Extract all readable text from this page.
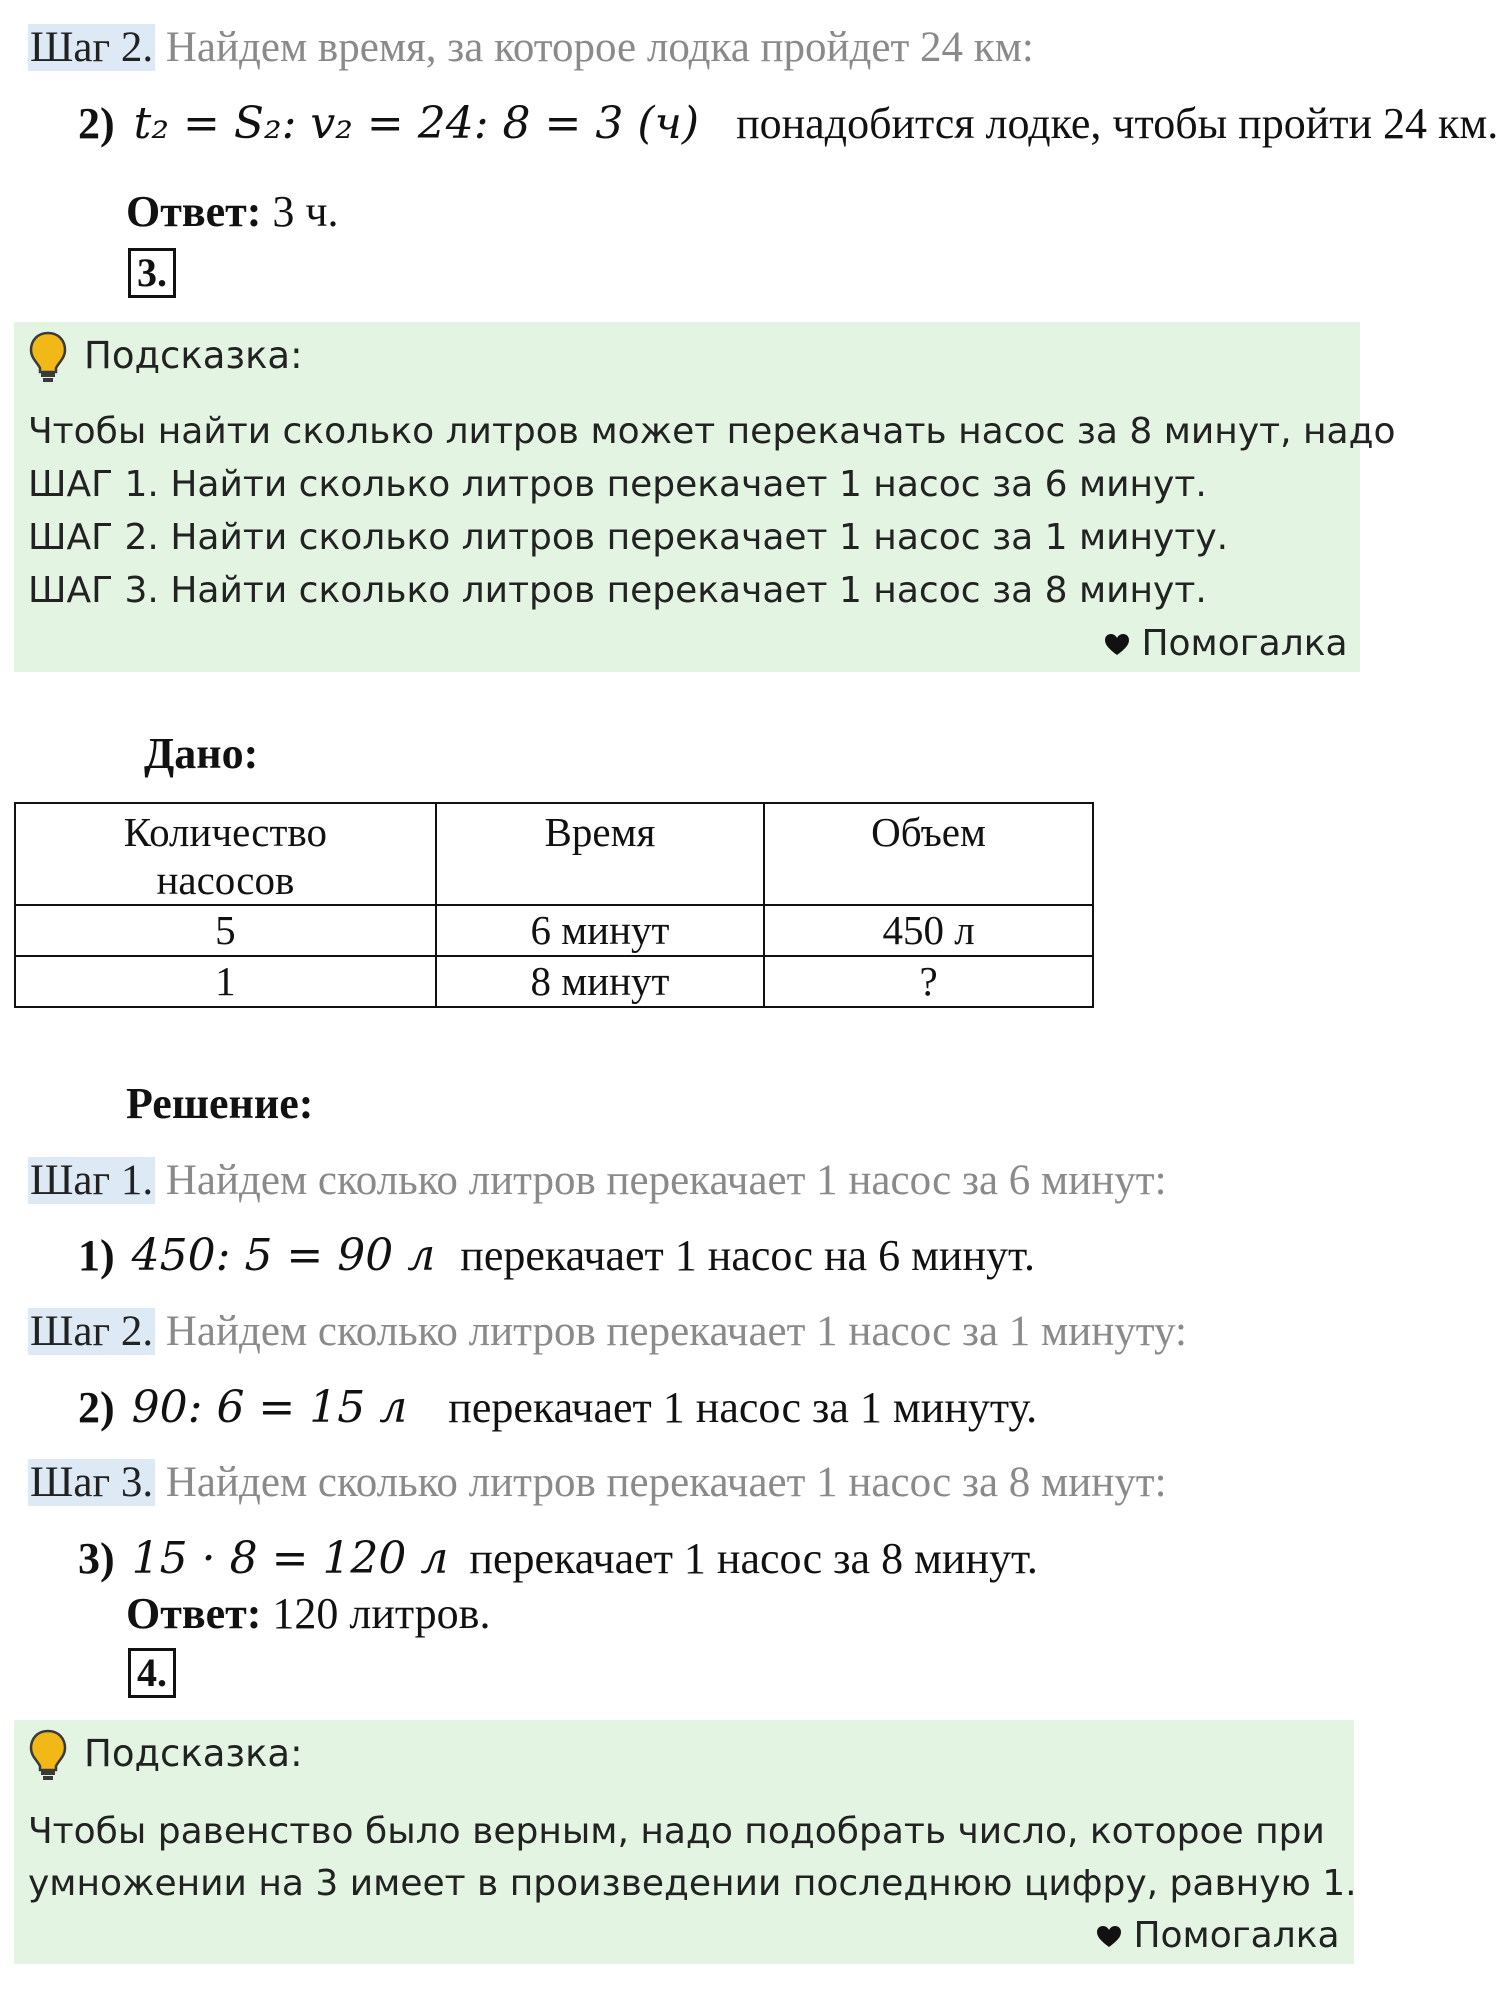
Шаг 2. Найдем время, за которое лодка пройдет 24 км:
2) t₂ = S₂: v₂ = 24: 8 = 3 (ч) понадобится лодке, чтобы пройти 24 км.
Ответ: 3 ч.
3.
Подсказка:
Чтобы найти сколько литров может перекачать насос за 8 минут, надо
ШАГ 1. Найти сколько литров перекачает 1 насос за 6 минут.
ШАГ 2. Найти сколько литров перекачает 1 насос за 1 минуту.
ШАГ 3. Найти сколько литров перекачает 1 насос за 8 минут.
Помогалка
Дано:
Количество насосов	Время	Объем
5	6 минут	450 л
1	8 минут	?
Решение:
Шаг 1. Найдем сколько литров перекачает 1 насос за 6 минут:
1) 450: 5 = 90 л перекачает 1 насос на 6 минут.
Шаг 2. Найдем сколько литров перекачает 1 насос за 1 минуту:
2) 90: 6 = 15 л перекачает 1 насос за 1 минуту.
Шаг 3. Найдем сколько литров перекачает 1 насос за 8 минут:
3) 15 · 8 = 120 л перекачает 1 насос за 8 минут.
Ответ: 120 литров.
4.
Подсказка:
Чтобы равенство было верным, надо подобрать число, которое при
умножении на 3 имеет в произведении последнюю цифру, равную 1.
Помогалка
